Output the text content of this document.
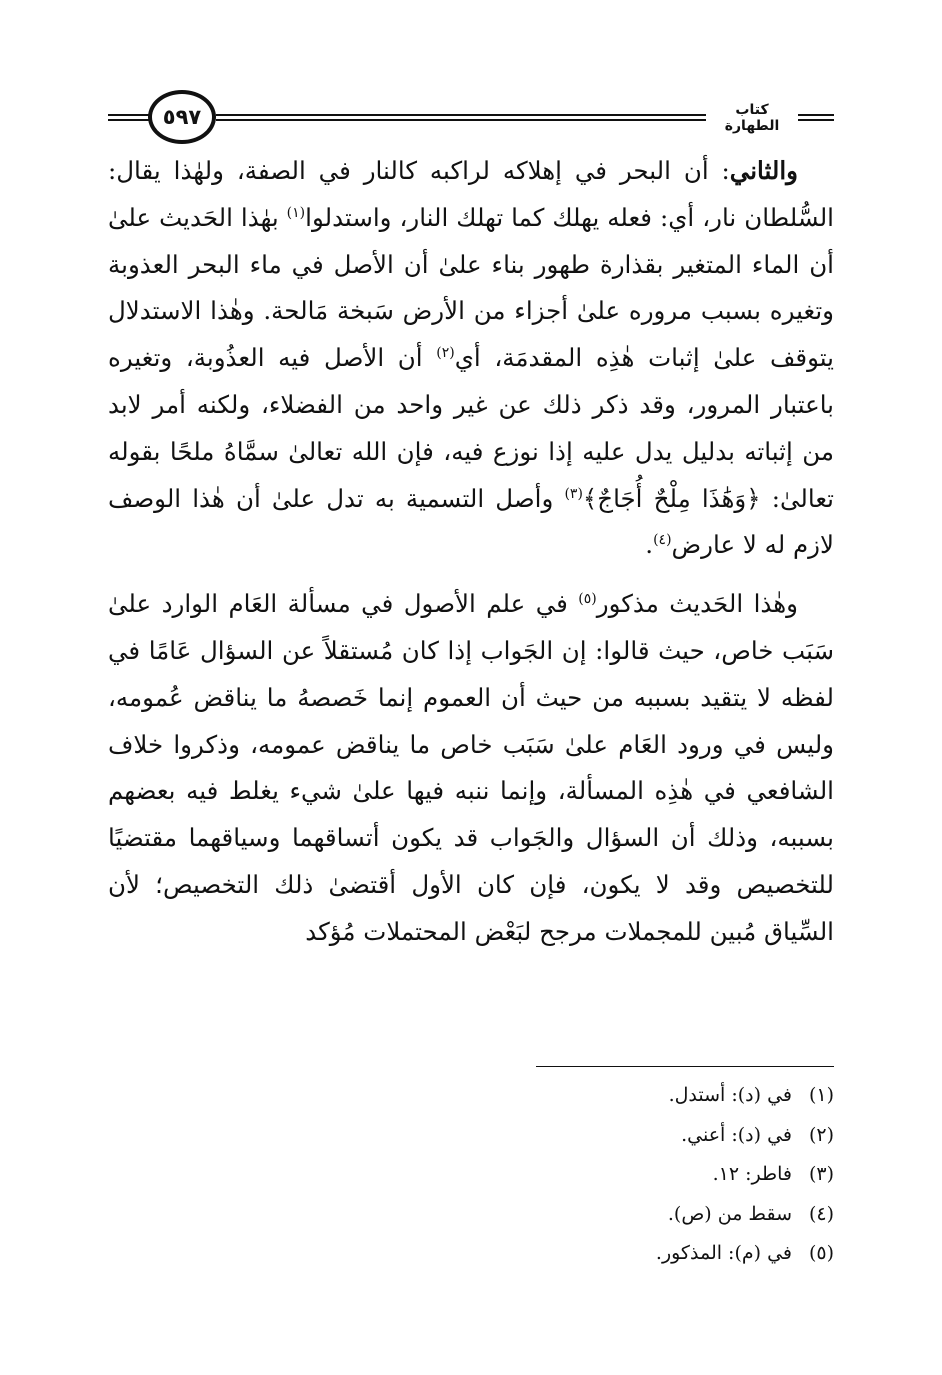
٥٩٧	كتاب الطهارة

والثاني: أن البحر في إهلاكه لراكبه كالنار في الصفة، ولهٰذا يقال: السُّلطان نار، أي: فعله يهلك كما تهلك النار، واستدلوا$^{(١)}$ بهٰذا الحَديث علىٰ أن الماء المتغير بقذارة طهور بناء علىٰ أن الأصل في ماء البحر العذوبة وتغيره بسبب مروره علىٰ أجزاء من الأرض سَبخة مَالحة. وهٰذا الاستدلال يتوقف علىٰ إثبات هٰذِه المقدمَة، أي$^{(٢)}$ أن الأصل فيه العذُوبة، وتغيره باعتبار المرور، وقد ذكر ذلك عن غير واحد من الفضلاء، ولكنه أمر لابد من إثباته بدليل يدل عليه إذا نوزع فيه، فإن الله تعالىٰ سمَّاهُ ملحًا بقوله تعالىٰ: ﴿وَهَٰذَا مِلْحٌ أُجَاجٌ﴾$^{(٣)}$ وأصل التسمية به تدل علىٰ أن هٰذا الوصف لازم له لا عارض$^{(٤)}$.

وهٰذا الحَديث مذكور$^{(٥)}$ في علم الأصول في مسألة العَام الوارد علىٰ سَبَب خاص، حيث قالوا: إن الجَواب إذا كان مُستقلاً عن السؤال عَامًا في لفظه لا يتقيد بسببه من حيث أن العموم إنما خَصصهُ ما يناقض عُمومه، وليس في ورود العَام علىٰ سَبَب خاص ما يناقض عمومه، وذكروا خلاف الشافعي في هٰذِه المسألة، وإنما ننبه فيها علىٰ شيء يغلط فيه بعضهم بسببه، وذلك أن السؤال والجَواب قد يكون أتساقهما وسياقهما مقتضيًا للتخصيص وقد لا يكون، فإن كان الأول أقتضىٰ ذلك التخصيص؛ لأن السِّياق مُبين للمجملات مرجح لبَعْض المحتملات مُؤكد

(١)في (د): أستدل.
(٢)في (د): أعني.
(٣)فاطر: ١٢.
(٤)سقط من (ص).
(٥)في (م): المذكور.
